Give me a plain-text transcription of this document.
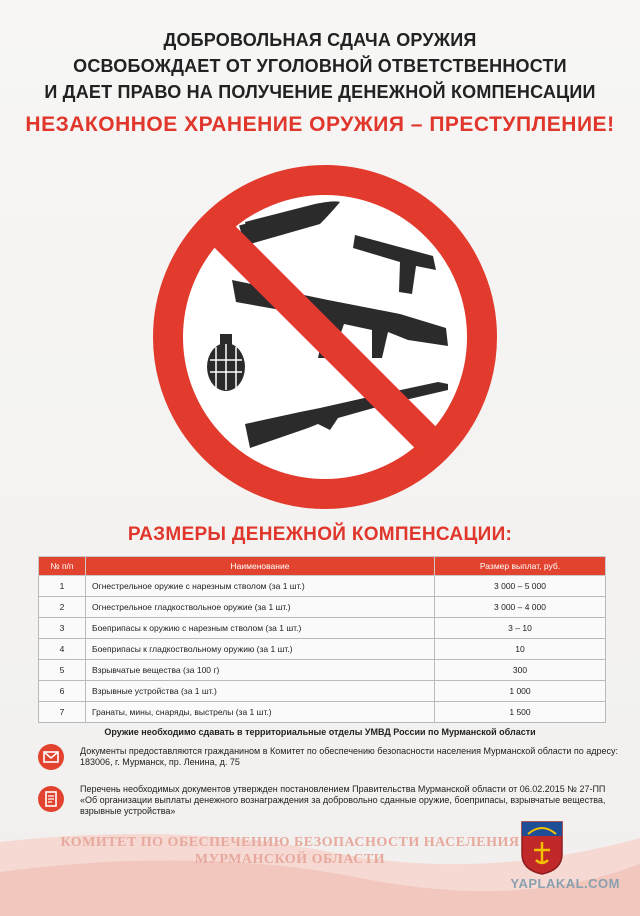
ДОБРОВОЛЬНАЯ СДАЧА ОРУЖИЯ
ОСВОБОЖДАЕТ ОТ УГОЛОВНОЙ ОТВЕТСТВЕННОСТИ
И ДАЕТ ПРАВО НА ПОЛУЧЕНИЕ ДЕНЕЖНОЙ КОМПЕНСАЦИИ
НЕЗАКОННОЕ ХРАНЕНИЕ ОРУЖИЯ – ПРЕСТУПЛЕНИЕ!
РАЗМЕРЫ ДЕНЕЖНОЙ КОМПЕНСАЦИИ:
№ п/п	Наименование	Размер выплат, руб.
1	Огнестрельное оружие с нарезным стволом (за 1 шт.)	3 000 – 5 000
2	Огнестрельное гладкоствольное оружие (за 1 шт.)	3 000 – 4 000
3	Боеприпасы к оружию с нарезным стволом (за 1 шт.)	3 – 10
4	Боеприпасы к гладкоствольному оружию (за 1 шт.)	10
5	Взрывчатые вещества (за 100 г)	300
6	Взрывные устройства (за 1 шт.)	1 000
7	Гранаты, мины, снаряды, выстрелы (за 1 шт.)	1 500
Оружие необходимо сдавать в территориальные отделы УМВД России по Мурманской области
Документы предоставляются гражданином в Комитет по обеспечению безопасности населения Мурманской области по адресу: 183006, г. Мурманск, пр. Ленина, д. 75
Перечень необходимых документов утвержден постановлением Правительства Мурманской области от 06.02.2015 № 27-ПП «Об организации выплаты денежного вознаграждения за добровольно сданные оружие, боеприпасы, взрывчатые вещества, взрывные устройства»
КОМИТЕТ ПО ОБЕСПЕЧЕНИЮ БЕЗОПАСНОСТИ НАСЕЛЕНИЯ
МУРМАНСКОЙ ОБЛАСТИ
YAPLAKAL.COM
